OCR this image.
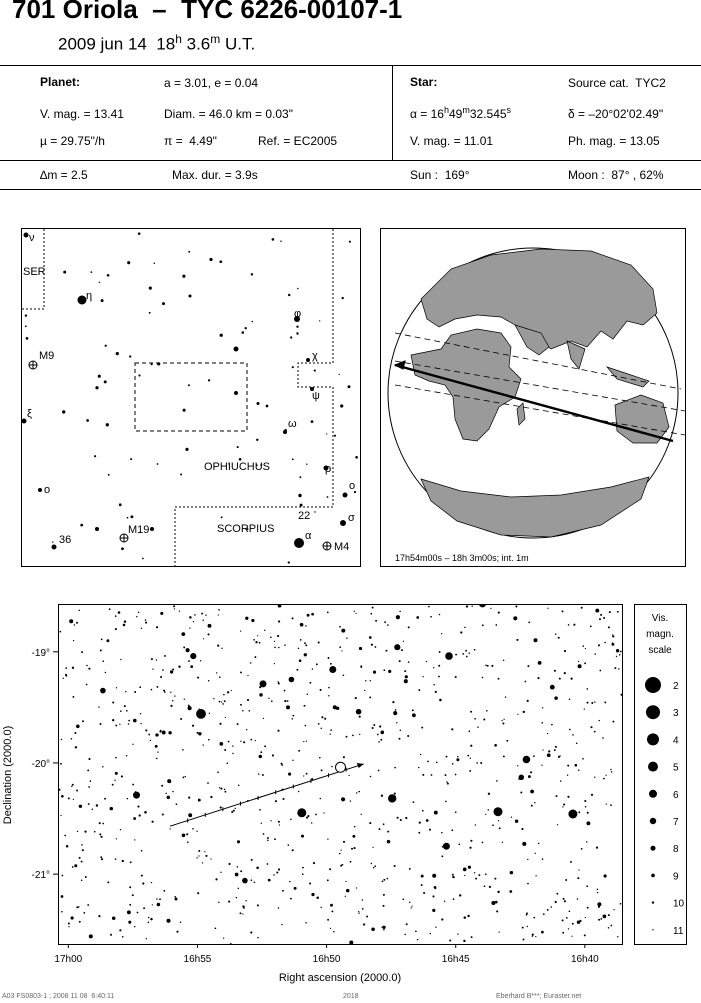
701 Oriola  –  TYC 6226-00107-1
2009 jun 14  18$^h$ 3.6$^m$ U.T.
Planet:	a = 3.01, e = 0.04
V. mag. = 13.41	Diam. = 46.0 km = 0.03"
µ = 29.75"/h	π =  4.49"	Ref. = EC2005
∆m = 2.5	Max. dur. = 3.9s
Star:	Source cat.  TYC2
$\alpha = 16^h49^m32.545^s$	δ = –20°02'02.49"
V. mag. = 11.01	Ph. mag. = 13.05
Sun :  169°	Moon :  87° , 62%
ν
SER
η
φ
M9	χ
ψ
ξ
ω
OPHIUCHUS	ρ
o	o
22	σ
M19	SCORPIUS
36	α
M4
17h54m00s – 18h 3m00s; int. 1m
17h00	16h55	16h50	16h45	16h40
-19°
-20°
-21°
Right ascension (2000.0)
Declination (2000.0)
Vis.
magn.
scale
2
3
4
5
6
7
8
9
10
11
A03 FS0803-1 ; 2008 11 08  6:40:11	2018	Eberhard B***; Euraster.net
